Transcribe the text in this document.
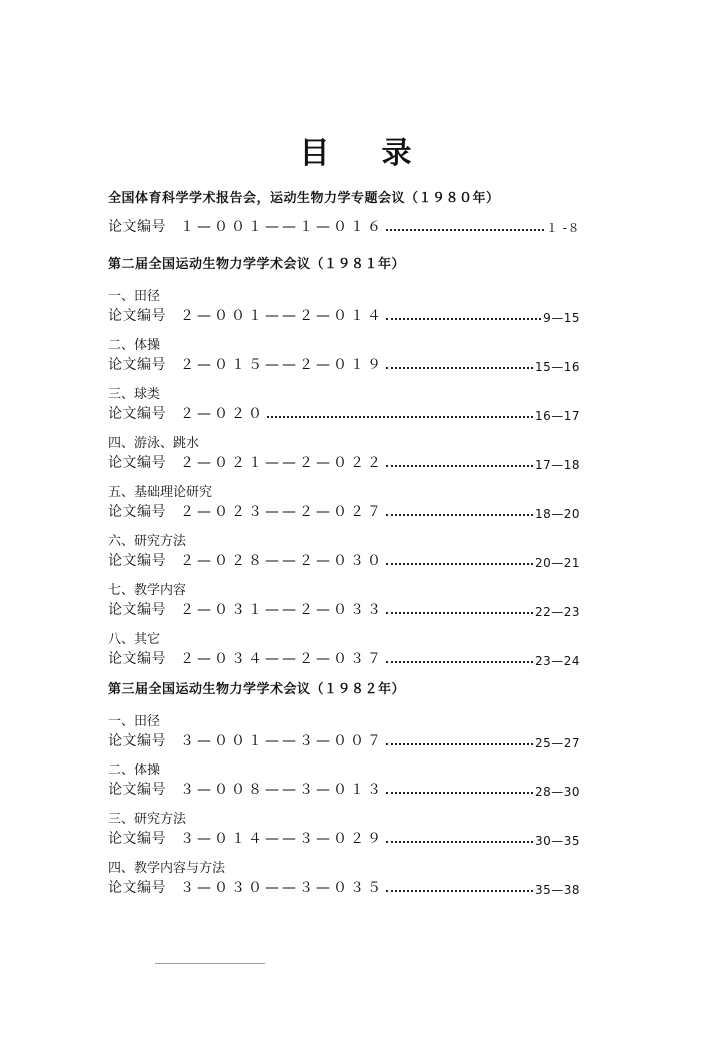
目 录
全国体育科学学术报告会，运动生物力学专题会议（１９８０年）
论文编号 １—００１——１—０１６	１ -８
第二届全国运动生物力学学术会议（１９８１年）
一、田径
论文编号 ２—００１——２—０１４	9—15
二、体操
论文编号 ２—０１５——２—０１９	15—16
三、球类
论文编号 ２—０２０	16—17
四、游泳、跳水
论文编号 ２—０２１——２—０２２	17—18
五、基础理论研究
论文编号 ２—０２３——２—０２７	18—20
六、研究方法
论文编号 ２—０２８——２—０３０	20—21
七、教学内容
论文编号 ２—０３１——２—０３３	22—23
八、其它
论文编号 ２—０３４——２—０３７	23—24
第三届全国运动生物力学学术会议（１９８２年）
一、田径
论文编号 ３—００１——３—００７	25—27
二、体操
论文编号 ３—００８——３—０１３	28—30
三、研究方法
论文编号 ３—０１４——３—０２９	30—35
四、教学内容与方法
论文编号 ３—０３０——３—０３５	35—38
